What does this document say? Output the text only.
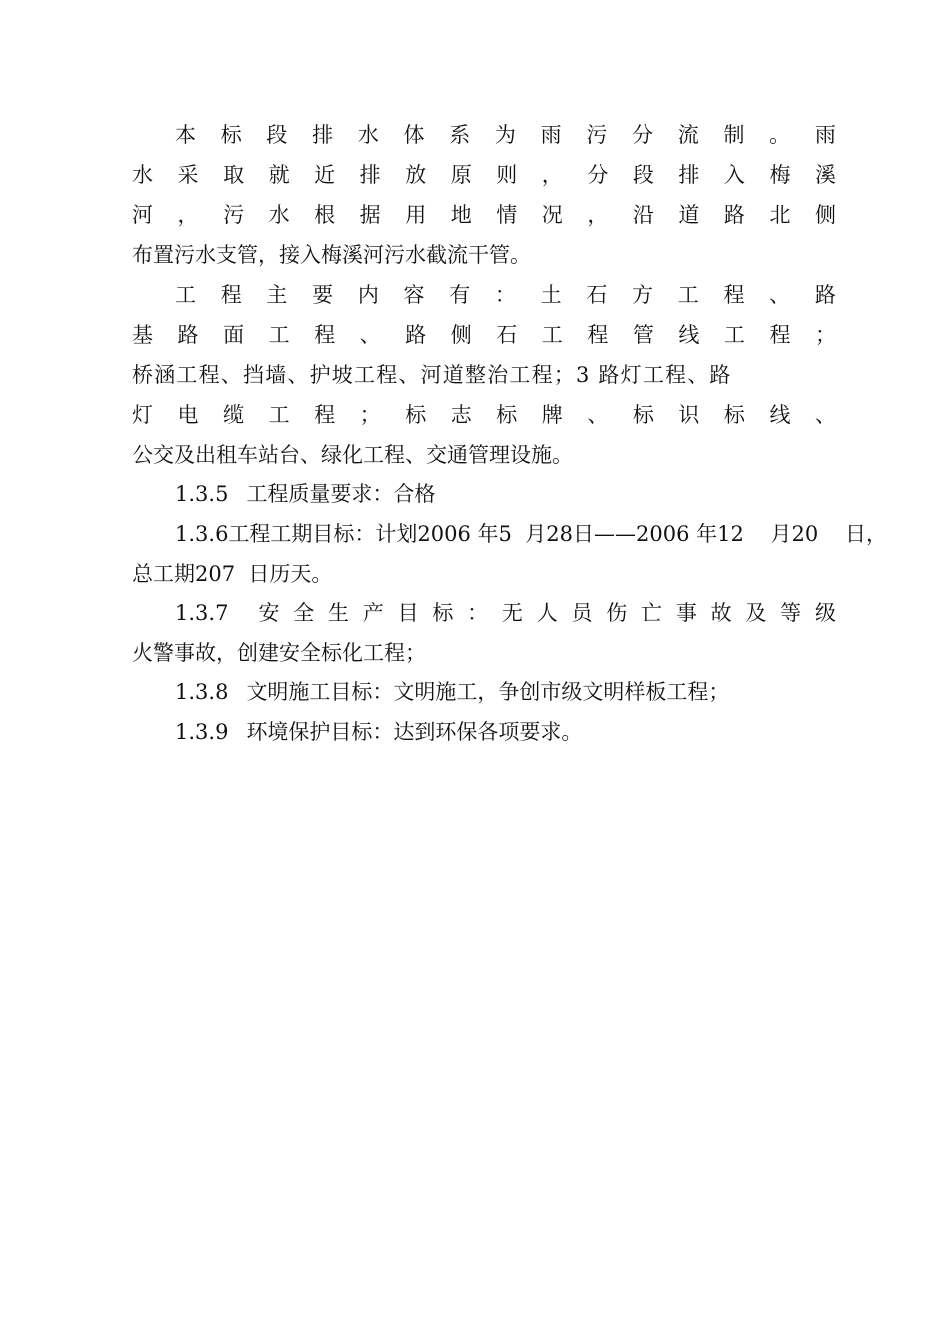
本 标 段 排 水 体 系 为 雨 污 分 流 制 。 雨
水 采 取 就 近 排 放 原 则 ， 分 段 排 入 梅 溪
河 ， 污 水 根 据 用 地 情 况 ， 沿 道 路 北 侧
布置污水支管，接入梅溪河污水截流干管。
工 程 主 要 内 容 有 ： 土 石 方 工 程 、 路
基 路 面 工 程 、 路 侧 石 工 程 管 线 工 程 ；
桥涵工程、挡墙、护坡工程、河道整治工程；3 路灯工程、路
灯 电 缆 工 程 ； 标 志 标 牌 、 标 识 标 线 、
公交及出租车站台、绿化工程、交通管理设施。
1.3.5 工程质量要求：合格
1.3.6 工程工期目标：计划2006 年5  月28日——2006 年12    月20    日，
总工期207  日历天。
1.3.7 安 全 生 产 目 标 ： 无 人 员 伤 亡 事 故 及 等 级
火警事故，创建安全标化工程；
1.3.8 文明施工目标：文明施工，争创市级文明样板工程；
1.3.9 环境保护目标：达到环保各项要求。
